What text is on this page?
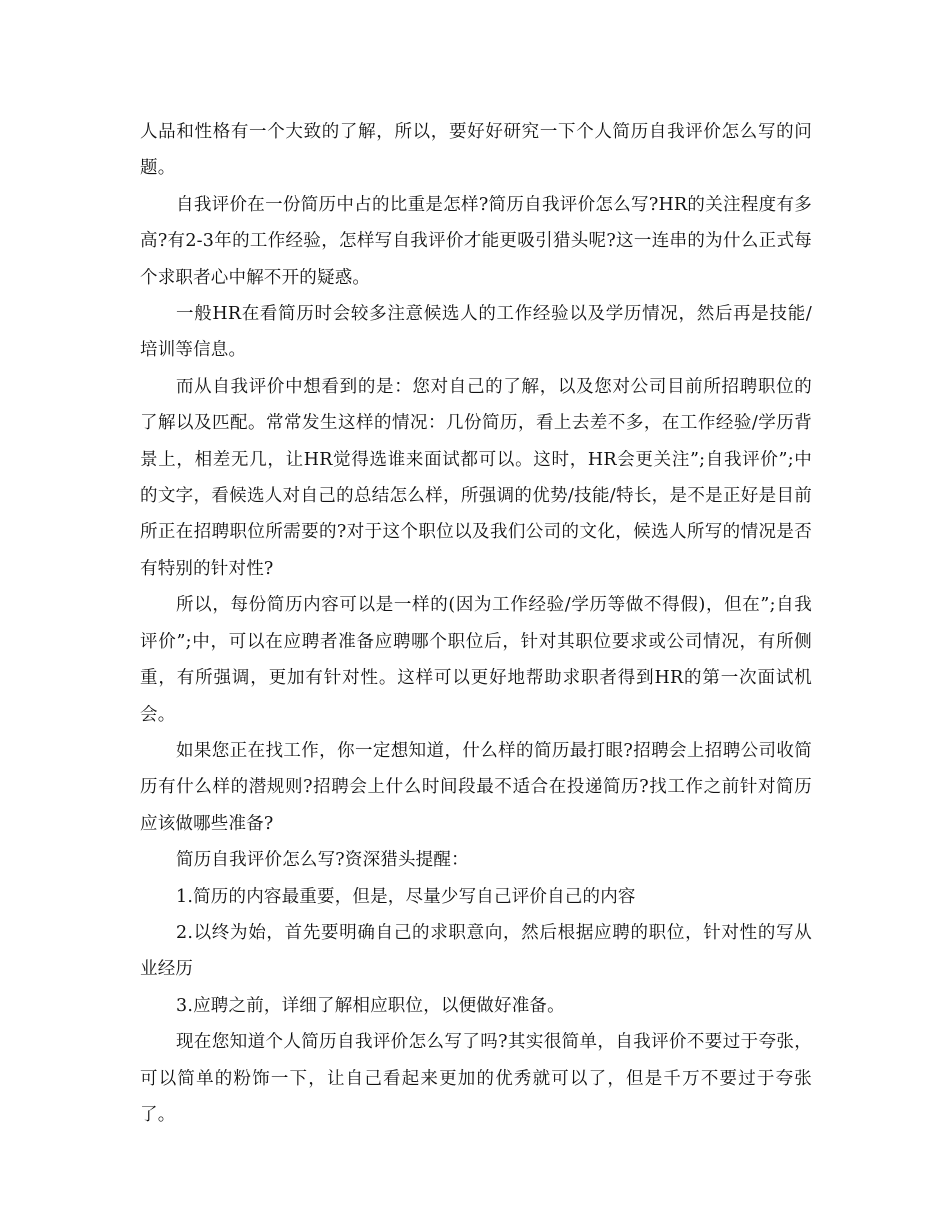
人品和性格有一个大致的了解，所以，要好好研究一下个人简历自我评价怎么写的问题。

自我评价在一份简历中占的比重是怎样?简历自我评价怎么写?HR的关注程度有多高?有2-3年的工作经验，怎样写自我评价才能更吸引猎头呢?这一连串的为什么正式每个求职者心中解不开的疑惑。

一般HR在看简历时会较多注意候选人的工作经验以及学历情况，然后再是技能/培训等信息。

而从自我评价中想看到的是：您对自己的了解，以及您对公司目前所招聘职位的了解以及匹配。常常发生这样的情况：几份简历，看上去差不多，在工作经验/学历背景上，相差无几，让HR觉得选谁来面试都可以。这时，HR会更关注”;自我评价”;中的文字，看候选人对自己的总结怎么样，所强调的优势/技能/特长，是不是正好是目前所正在招聘职位所需要的?对于这个职位以及我们公司的文化，候选人所写的情况是否有特别的针对性?

所以，每份简历内容可以是一样的(因为工作经验/学历等做不得假)，但在”;自我评价”;中，可以在应聘者准备应聘哪个职位后，针对其职位要求或公司情况，有所侧重，有所强调，更加有针对性。这样可以更好地帮助求职者得到HR的第一次面试机会。

如果您正在找工作，你一定想知道，什么样的简历最打眼?招聘会上招聘公司收简历有什么样的潜规则?招聘会上什么时间段最不适合在投递简历?找工作之前针对简历应该做哪些准备?

简历自我评价怎么写?资深猎头提醒：

1.简历的内容最重要，但是，尽量少写自己评价自己的内容

2.以终为始，首先要明确自己的求职意向，然后根据应聘的职位，针对性的写从业经历

3.应聘之前，详细了解相应职位，以便做好准备。

现在您知道个人简历自我评价怎么写了吗?其实很简单，自我评价不要过于夸张，可以简单的粉饰一下，让自己看起来更加的优秀就可以了，但是千万不要过于夸张了。
